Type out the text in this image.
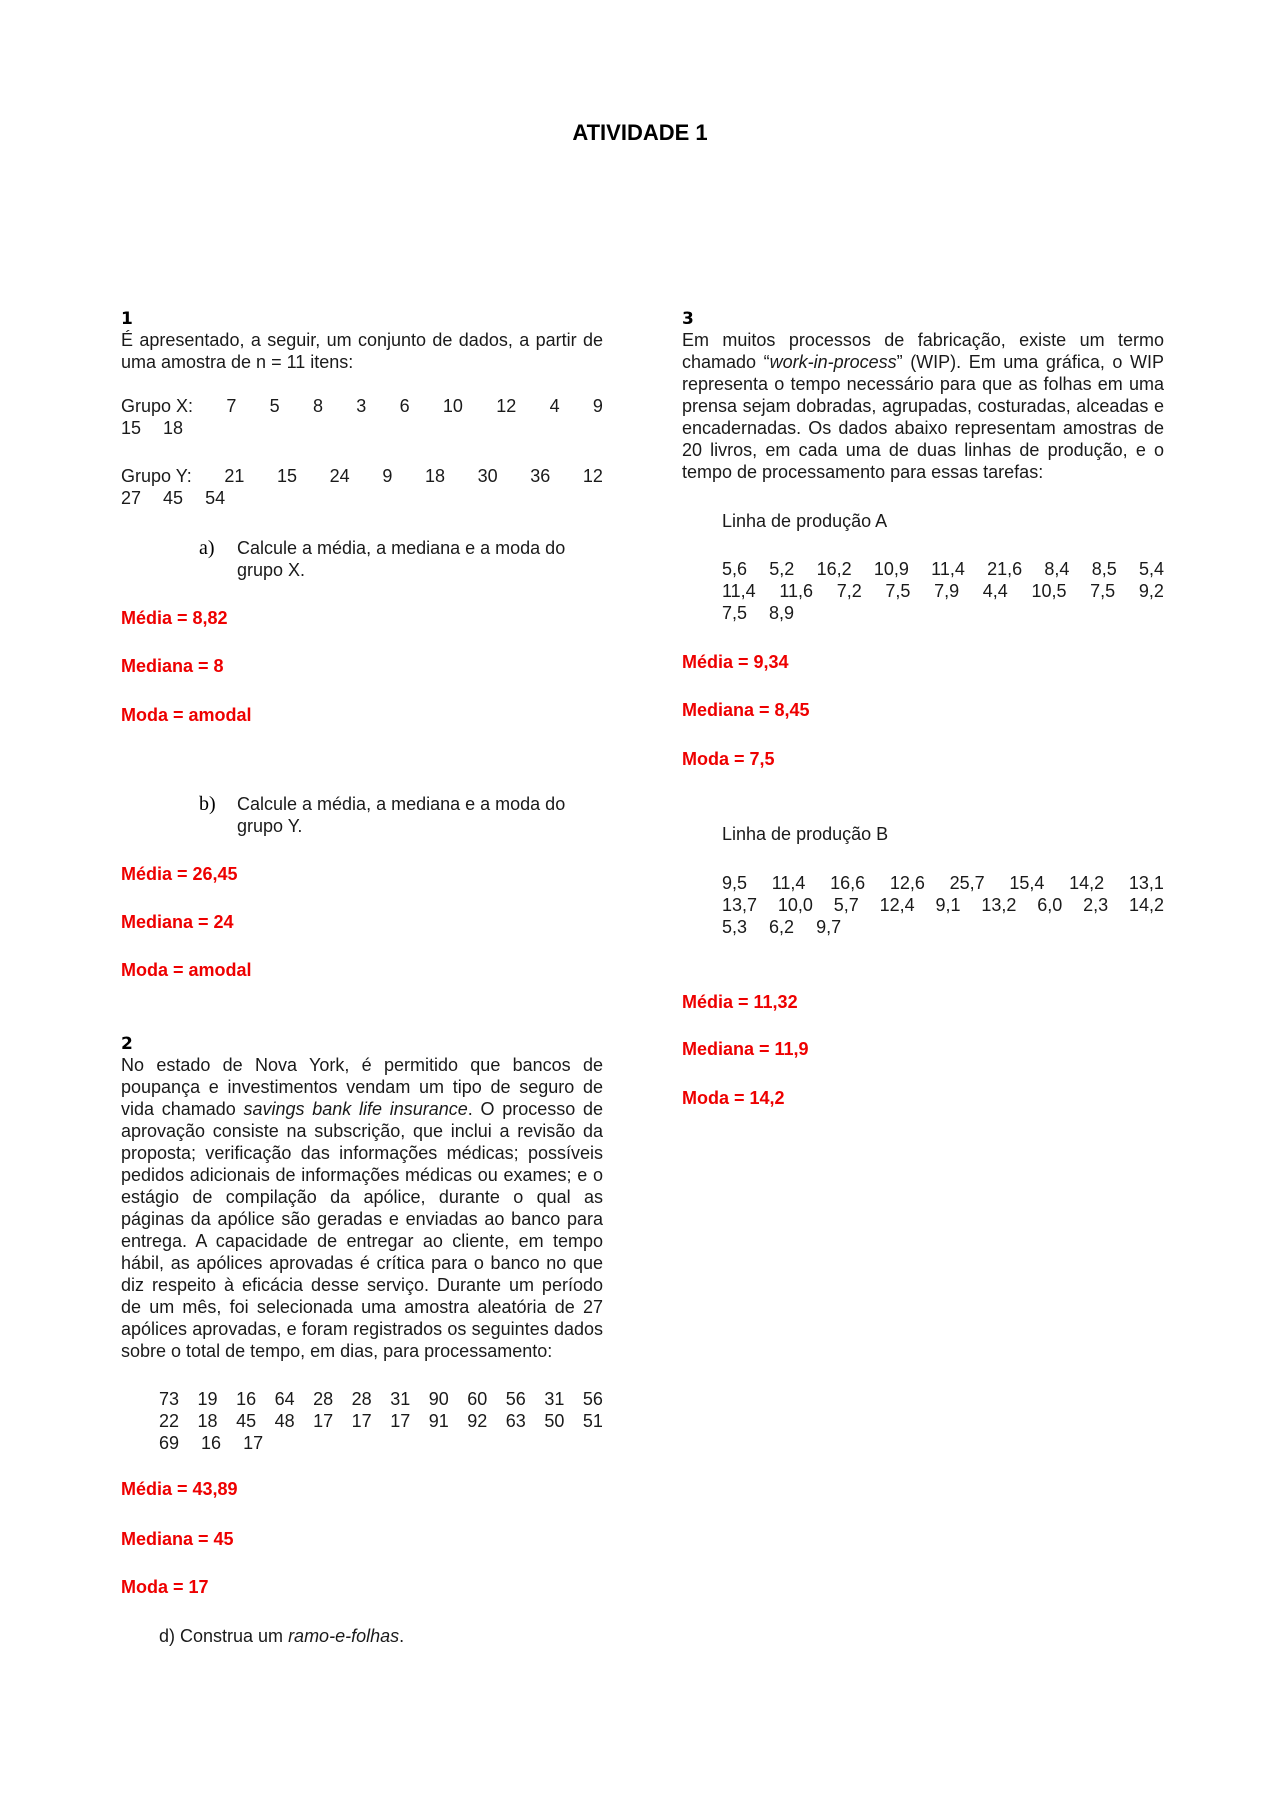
ATIVIDADE 1
1

É apresentado, a seguir, um conjunto de dados, a partir de uma amostra de n = 11 itens:

Grupo X: 7 5 8 3 6 10 12 4 9
15 18
Grupo Y: 21 15 24 9 18 30 36 12
27 45 54
a) Calcule a média, a mediana e a moda do grupo X.

Média = 8,82

Mediana = 8

Moda = amodal

b) Calcule a média, a mediana e a moda do grupo Y.

Média = 26,45

Mediana = 24

Moda = amodal

2

No estado de Nova York, é permitido que bancos de poupança e investimentos vendam um tipo de seguro de vida chamado savings bank life insurance. O processo de aprovação consiste na subscrição, que inclui a revisão da proposta; verificação das informações médicas; possíveis pedidos adicionais de informações médicas ou exames; e o estágio de compilação da apólice, durante o qual as páginas da apólice são geradas e enviadas ao banco para entrega. A capacidade de entregar ao cliente, em tempo hábil, as apólices aprovadas é crítica para o banco no que diz respeito à eficácia desse serviço. Durante um período de um mês, foi selecionada uma amostra aleatória de 27 apólices aprovadas, e foram registrados os seguintes dados sobre o total de tempo, em dias, para processamento:

73 19 16 64 28 28 31 90 60 56 31 56
22 18 45 48 17 17 17 91 92 63 50 51
69 16 17

Média = 43,89

Mediana = 45

Moda = 17

d) Construa um ramo-e-folhas.

3

Em muitos processos de fabricação, existe um termo chamado “work-in-process” (WIP). Em uma gráfica, o WIP representa o tempo necessário para que as folhas em uma prensa sejam dobradas, agrupadas, costuradas, alceadas e encadernadas. Os dados abaixo representam amostras de 20 livros, em cada uma de duas linhas de produção, e o tempo de processamento para essas tarefas:

Linha de produção A

5,6 5,2 16,2 10,9 11,4 21,6 8,4 8,5 5,4
11,4 11,6 7,2 7,5 7,9 4,4 10,5 7,5 9,2
7,5 8,9

Média = 9,34

Mediana = 8,45

Moda = 7,5

Linha de produção B

9,5 11,4 16,6 12,6 25,7 15,4 14,2 13,1
13,7 10,0 5,7 12,4 9,1 13,2 6,0 2,3 14,2
5,3 6,2 9,7

Média = 11,32

Mediana = 11,9

Moda = 14,2
